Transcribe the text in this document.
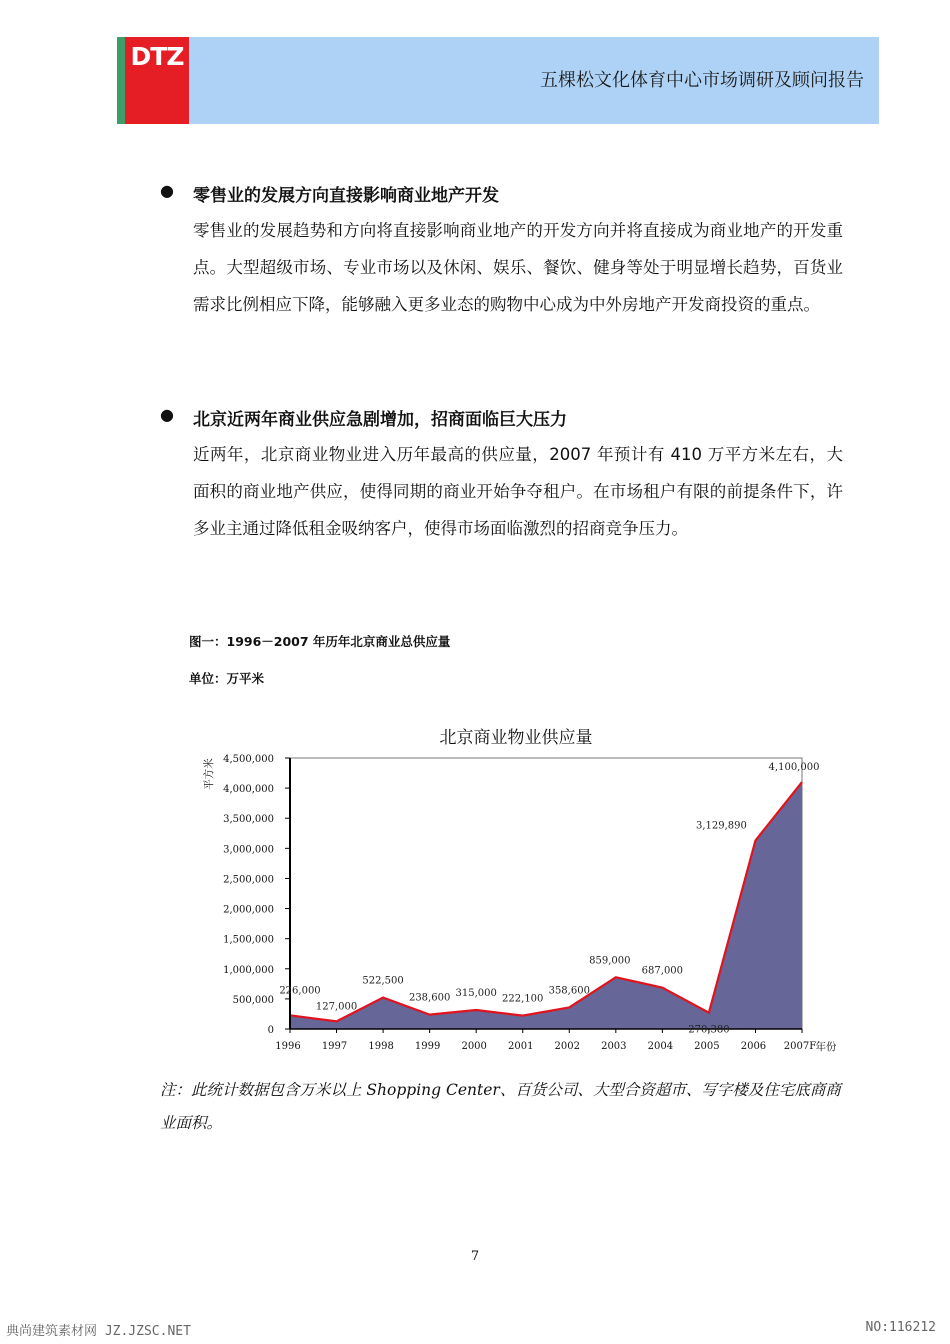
DTZ
五棵松文化体育中心市场调研及顾问报告
● 零售业的发展方向直接影响商业地产开发
零售业的发展趋势和方向将直接影响商业地产的开发方向并将直接成为商业地产的开发重点。大型超级市场、专业市场以及休闲、娱乐、餐饮、健身等处于明显增长趋势，百货业需求比例相应下降，能够融入更多业态的购物中心成为中外房地产开发商投资的重点。
● 北京近两年商业供应急剧增加，招商面临巨大压力
近两年，北京商业物业进入历年最高的供应量，2007 年预计有 410 万平方米左右，大面积的商业地产供应，使得同期的商业开始争夺租户。在市场租户有限的前提条件下，许多业主通过降低租金吸纳客户，使得市场面临激烈的招商竞争压力。
图一：1996－2007 年历年北京商业总供应量
单位：万平米
北京商业物业供应量
0
500,000
1,000,000
1,500,000
2,000,000
2,500,000
3,000,000
3,500,000
4,000,000
4,500,000
1996 1997 1998 1999 2000 2001 2002 2003 2004 2005 2006 2007F 年份
平方米
226,000
127,000
522,500
238,600 315,000
222,100
358,600
859,000
687,000
270,380
3,129,890
4,100,000
注：此统计数据包含万米以上 Shopping Center、百货公司、大型合资超市、写字楼及住宅底商商业面积。
7
典尚建筑素材网 JZ.JZSC.NET	NO:116212
